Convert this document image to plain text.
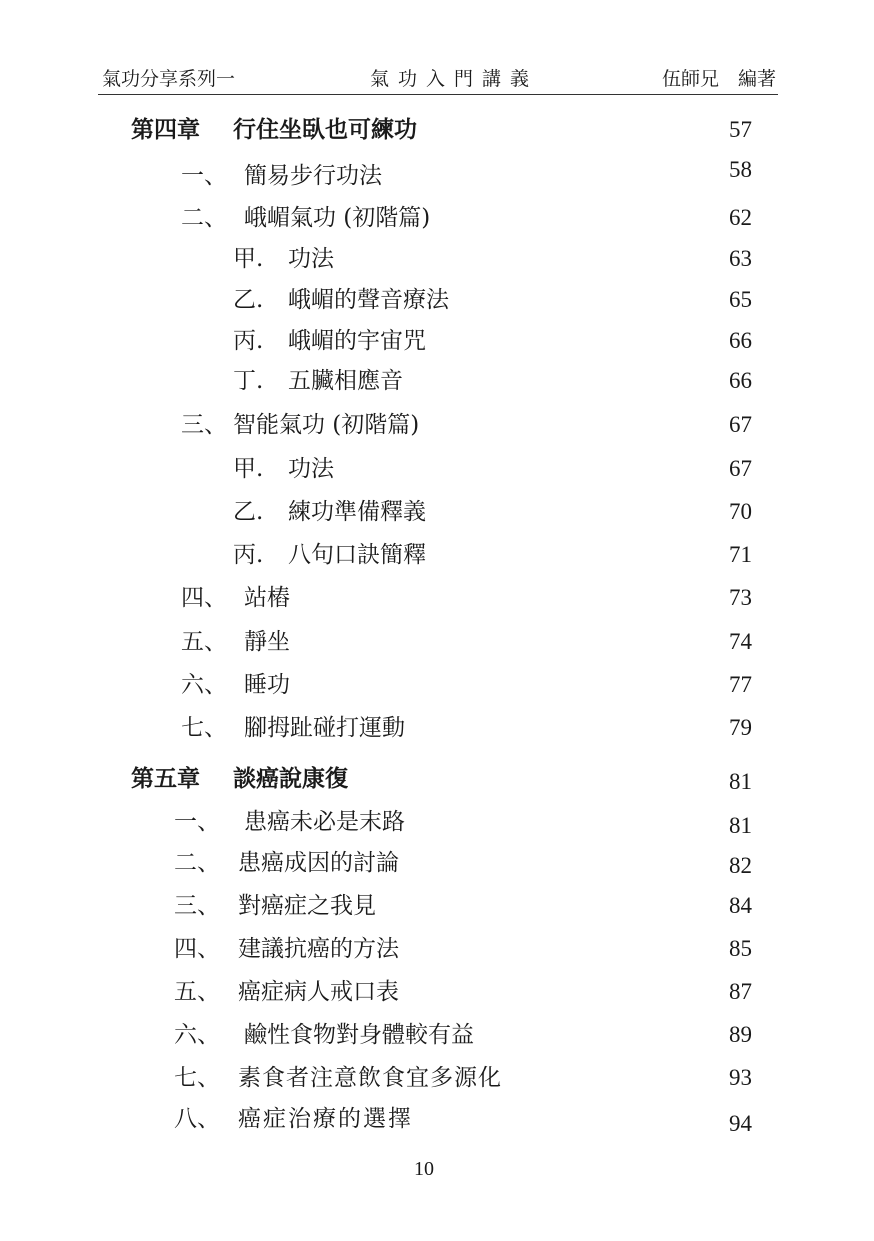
氣功分享系列一	氣功入門講義	伍師兄　編著
第四章 行住坐臥也可練功	57
一、 簡易步行功法	58
二、 峨嵋氣功 (初階篇)	62
甲. 功法	63
乙. 峨嵋的聲音療法	65
丙. 峨嵋的宇宙咒	66
丁. 五臟相應音	66
三、 智能氣功 (初階篇)	67
甲. 功法	67
乙. 練功準備釋義	70
丙. 八句口訣簡釋	71
四、 站樁	73
五、 靜坐	74
六、 睡功	77
七、 腳拇趾碰打運動	79
第五章 談癌說康復	81
一、 患癌未必是末路	81
二、 患癌成因的討論	82
三、 對癌症之我見	84
四、 建議抗癌的方法	85
五、 癌症病人戒口表	87
六、 鹼性食物對身體較有益	89
七、 素食者注意飲食宜多源化	93
八、 癌症治療的選擇	94
10
